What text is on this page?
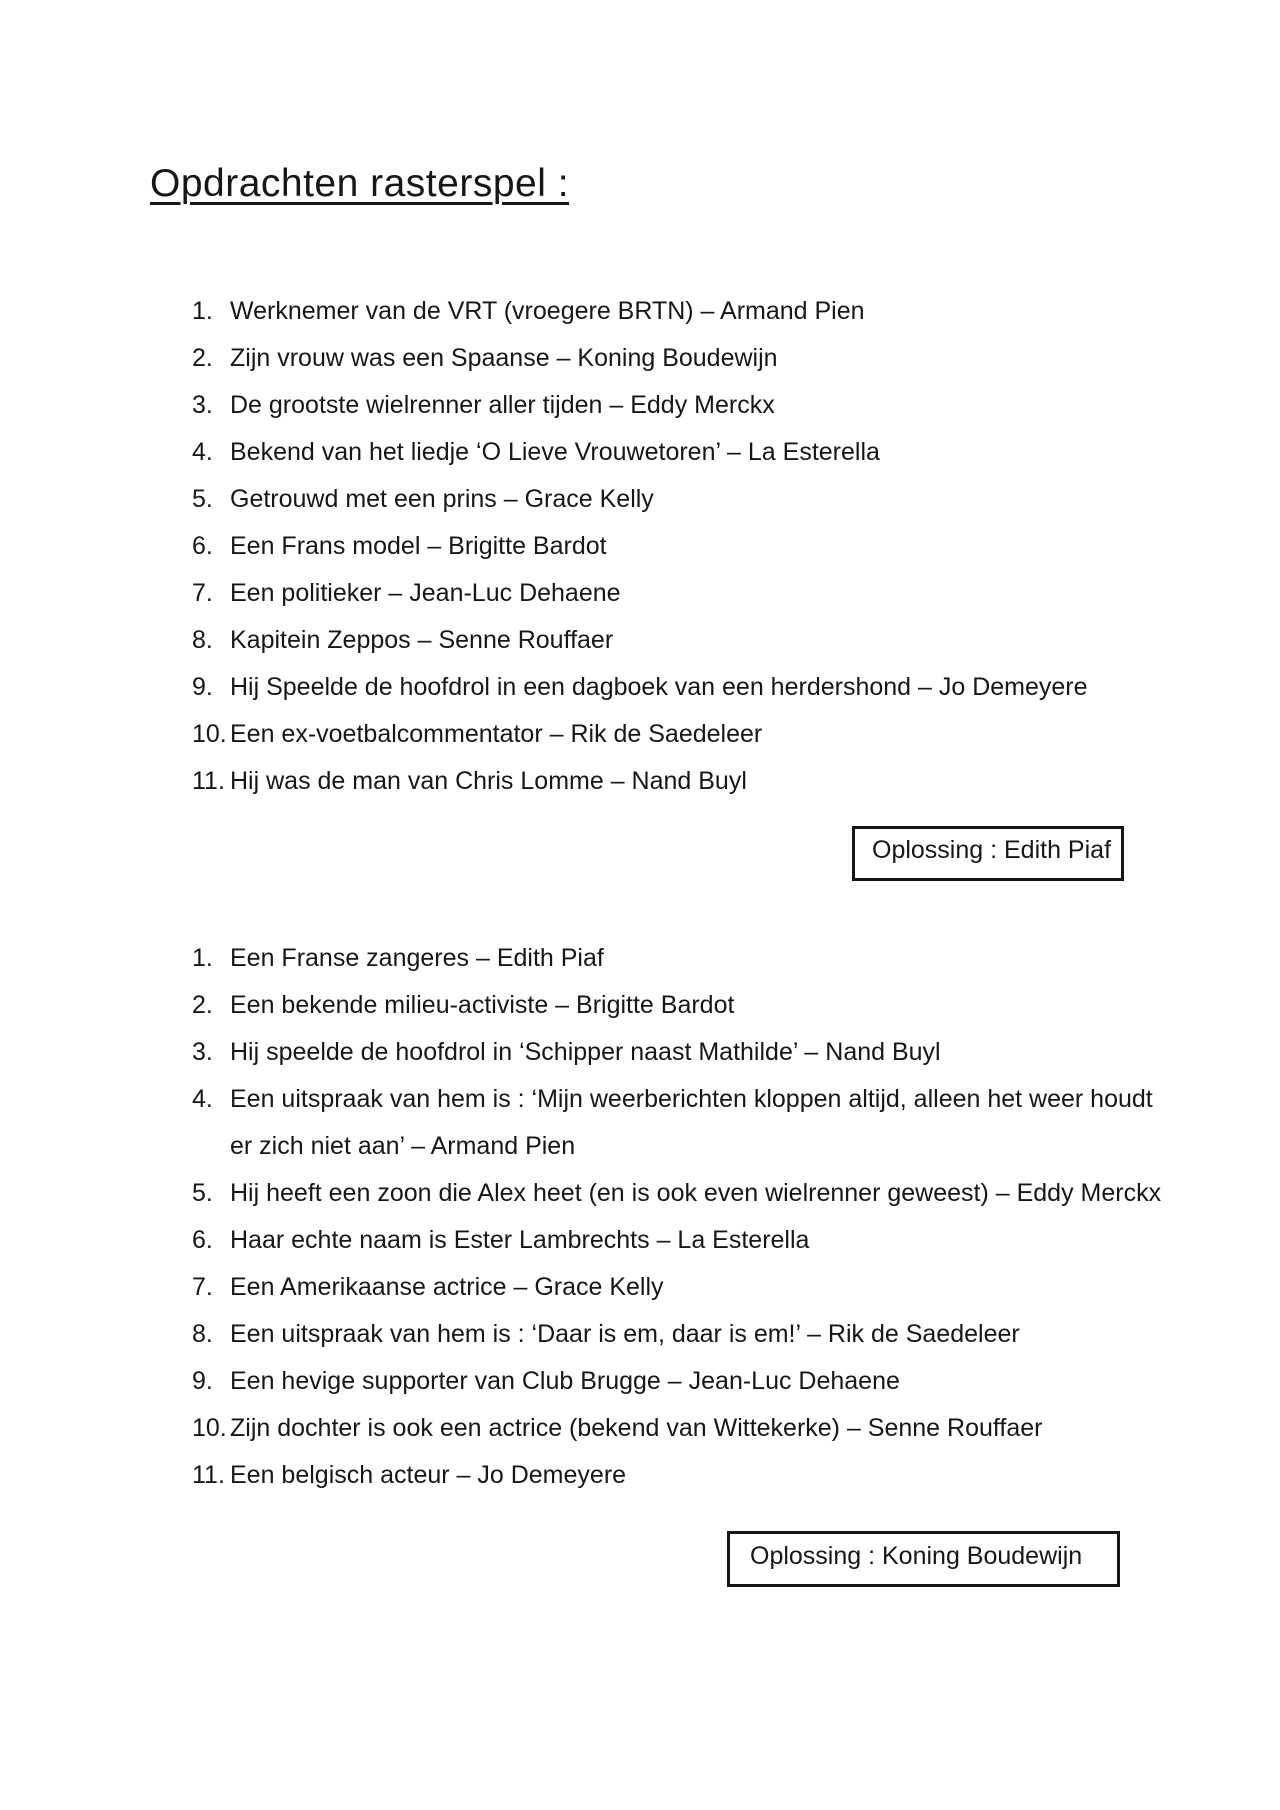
Opdrachten rasterspel :
1. Werknemer van de VRT (vroegere BRTN) – Armand Pien
2. Zijn vrouw was een Spaanse – Koning Boudewijn
3. De grootste wielrenner aller tijden – Eddy Merckx
4. Bekend van het liedje ‘O Lieve Vrouwetoren’ – La Esterella
5. Getrouwd met een prins – Grace Kelly
6. Een Frans model – Brigitte Bardot
7. Een politieker – Jean-Luc Dehaene
8. Kapitein Zeppos – Senne Rouffaer
9. Hij Speelde de hoofdrol in een dagboek van een herdershond – Jo Demeyere
10. Een ex-voetbalcommentator – Rik de Saedeleer
11. Hij was de man van Chris Lomme – Nand Buyl
Oplossing : Edith Piaf
1. Een Franse zangeres – Edith Piaf
2. Een bekende milieu-activiste – Brigitte Bardot
3. Hij speelde de hoofdrol in ‘Schipper naast Mathilde’ – Nand Buyl
4. Een uitspraak van hem is : ‘Mijn weerberichten kloppen altijd, alleen het weer houdt er zich niet aan’ – Armand Pien
5. Hij heeft een zoon die Alex heet (en is ook even wielrenner geweest) – Eddy Merckx
6. Haar echte naam is Ester Lambrechts – La Esterella
7. Een Amerikaanse actrice – Grace Kelly
8. Een uitspraak van hem is : ‘Daar is em, daar is em!’ – Rik de Saedeleer
9. Een hevige supporter van Club Brugge – Jean-Luc Dehaene
10. Zijn dochter is ook een actrice (bekend van Wittekerke) – Senne Rouffaer
11. Een belgisch acteur – Jo Demeyere
Oplossing : Koning Boudewijn
